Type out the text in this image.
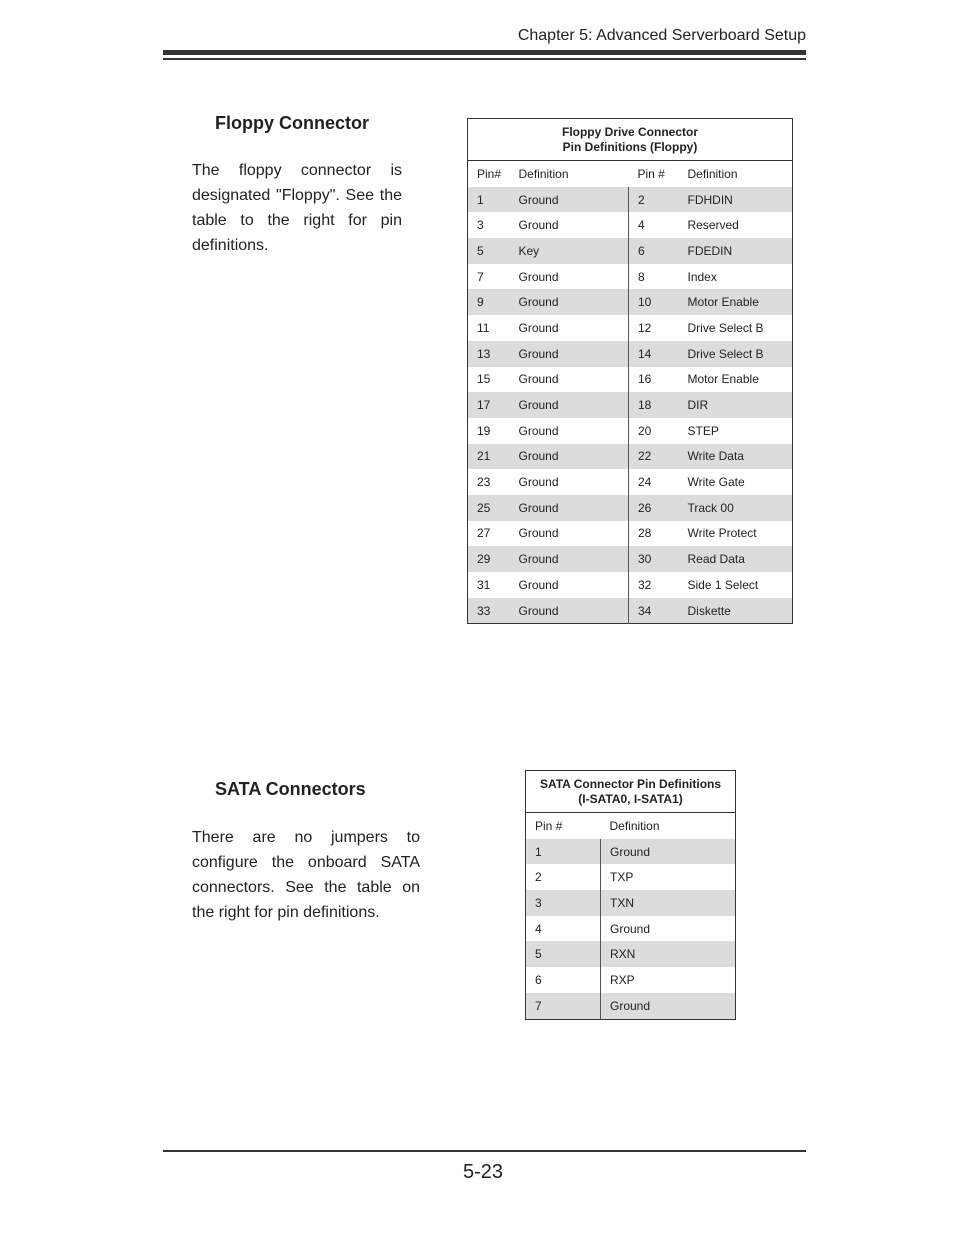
Chapter 5: Advanced Serverboard Setup
Floppy Connector
The floppy connector is designated "Floppy". See the table to the right for pin definitions.
Floppy Drive Connector
Pin Definitions (Floppy)			

Pin#	Definition	Pin #	Definition
1	Ground	2	FDHDIN
3	Ground	4	Reserved
5	Key	6	FDEDIN
7	Ground	8	Index
9	Ground	10	Motor Enable
11	Ground	12	Drive Select B
13	Ground	14	Drive Select B
15	Ground	16	Motor Enable
17	Ground	18	DIR
19	Ground	20	STEP
21	Ground	22	Write Data
23	Ground	24	Write Gate
25	Ground	26	Track 00
27	Ground	28	Write Protect
29	Ground	30	Read Data
31	Ground	32	Side 1 Select
33	Ground	34	Diskette
SATA Connectors
There are no jumpers to configure the onboard SATA connectors. See the table on the right for pin definitions.
SATA Connector Pin Definitions
(I-SATA0, I-SATA1)	

Pin #	Definition
1	Ground
2	TXP
3	TXN
4	Ground
5	RXN
6	RXP
7	Ground
5-23
